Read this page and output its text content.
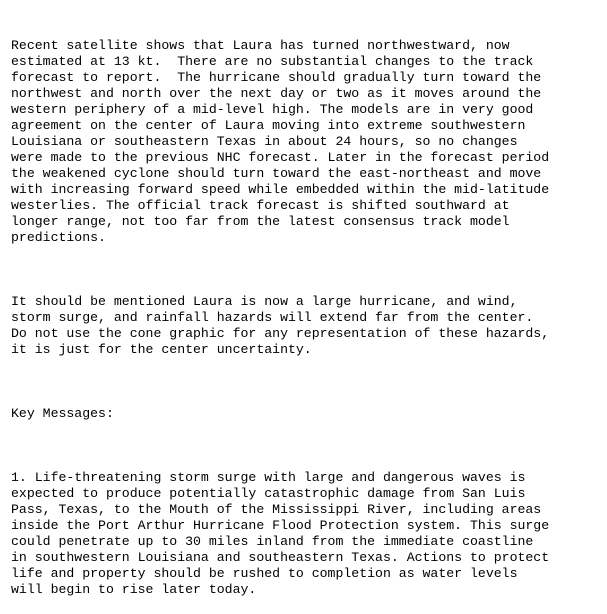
Recent satellite shows that Laura has turned northwestward, now
estimated at 13 kt.  There are no substantial changes to the track
forecast to report.  The hurricane should gradually turn toward the
northwest and north over the next day or two as it moves around the
western periphery of a mid-level high. The models are in very good
agreement on the center of Laura moving into extreme southwestern
Louisiana or southeastern Texas in about 24 hours, so no changes
were made to the previous NHC forecast. Later in the forecast period
the weakened cyclone should turn toward the east-northeast and move
with increasing forward speed while embedded within the mid-latitude
westerlies. The official track forecast is shifted southward at
longer range, not too far from the latest consensus track model
predictions.

It should be mentioned Laura is now a large hurricane, and wind,
storm surge, and rainfall hazards will extend far from the center.
Do not use the cone graphic for any representation of these hazards,
it is just for the center uncertainty.

Key Messages:

1. Life-threatening storm surge with large and dangerous waves is
expected to produce potentially catastrophic damage from San Luis
Pass, Texas, to the Mouth of the Mississippi River, including areas
inside the Port Arthur Hurricane Flood Protection system. This surge
could penetrate up to 30 miles inland from the immediate coastline
in southwestern Louisiana and southeastern Texas. Actions to protect
life and property should be rushed to completion as water levels
will begin to rise later today.
